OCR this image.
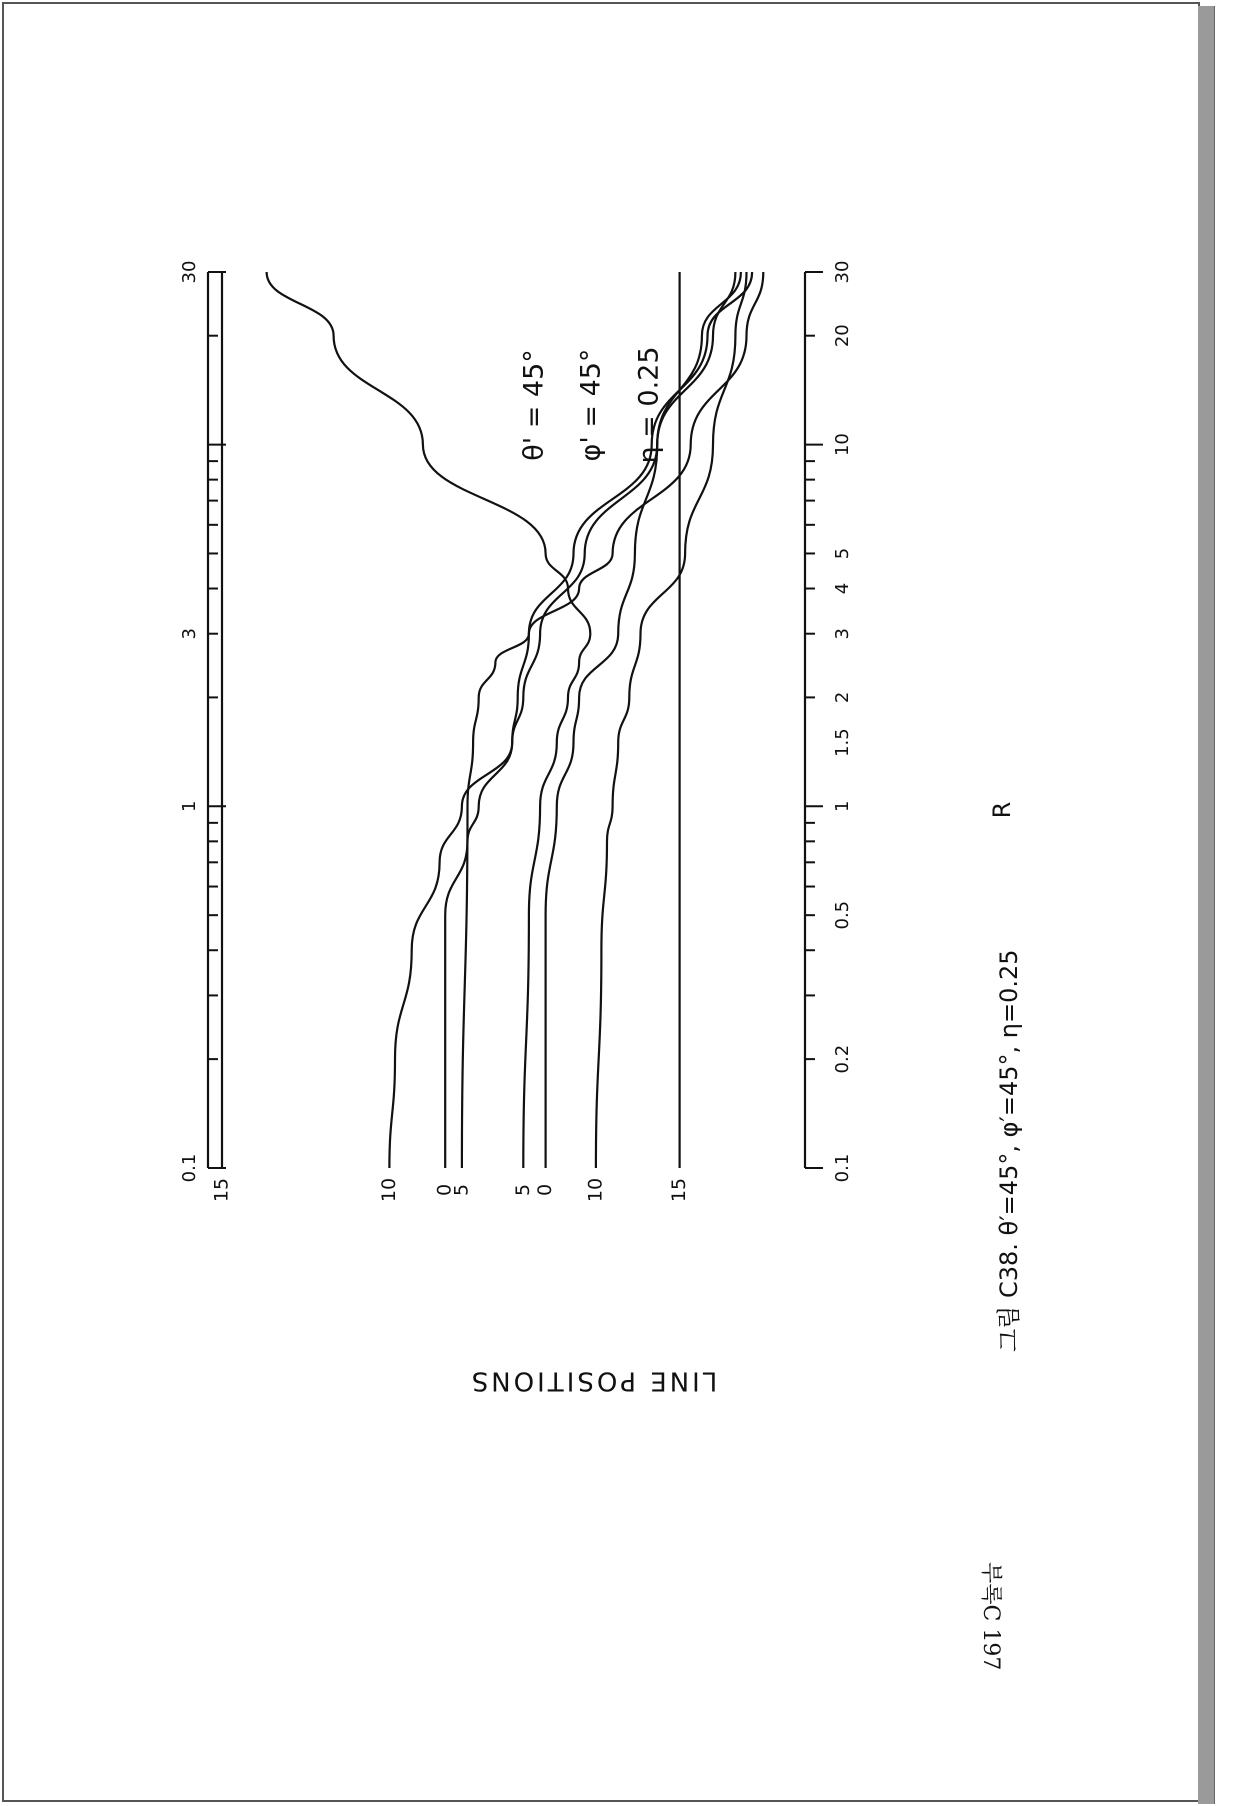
0.1
0.2
0.5
1
1.5
2
3
4
5
10
20
30
0.1
1
3
30
15	10 0
5 5 0 10	15
θ' = 45° φ' = 45° η = 0.25
R
LINE POSITIONS
그림 C38. θ′=45°, φ′=45°, η=0.25
부록C 197
